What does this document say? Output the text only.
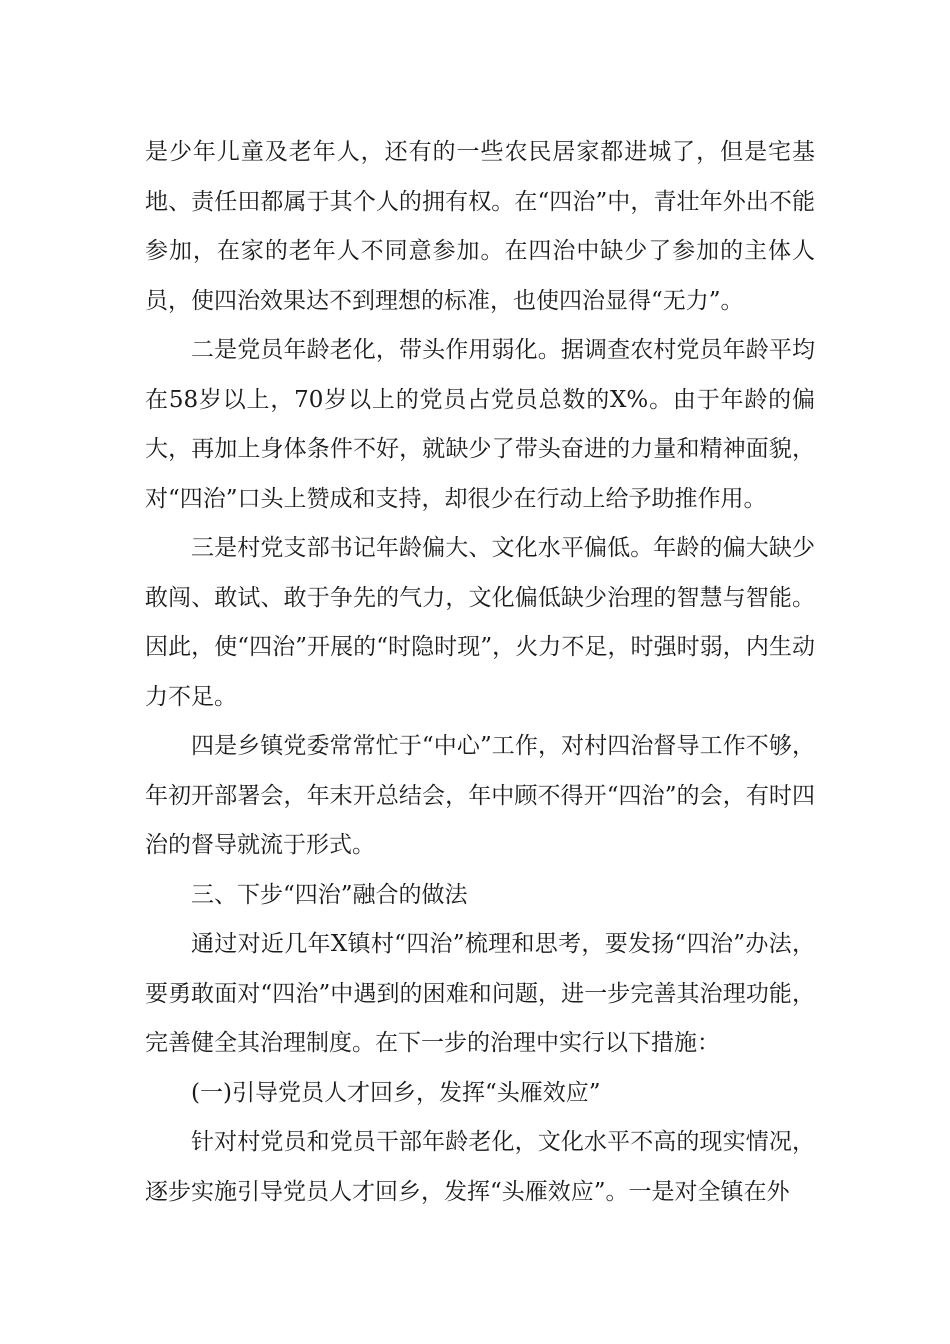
是少年儿童及老年人，还有的一些农民居家都进城了，但是宅基地、责任田都属于其个人的拥有权。在“四治”中，青壮年外出不能参加，在家的老年人不同意参加。在四治中缺少了参加的主体人员，使四治效果达不到理想的标准，也使四治显得“无力”。

二是党员年龄老化，带头作用弱化。据调查农村党员年龄平均在58岁以上，70岁以上的党员占党员总数的X%。由于年龄的偏大，再加上身体条件不好，就缺少了带头奋进的力量和精神面貌，对“四治”口头上赞成和支持，却很少在行动上给予助推作用。

三是村党支部书记年龄偏大、文化水平偏低。年龄的偏大缺少敢闯、敢试、敢于争先的气力，文化偏低缺少治理的智慧与智能。因此，使“四治”开展的“时隐时现”，火力不足，时强时弱，内生动力不足。

四是乡镇党委常常忙于“中心”工作，对村四治督导工作不够，年初开部署会，年末开总结会，年中顾不得开“四治”的会，有时四治的督导就流于形式。

三、下步“四治”融合的做法

通过对近几年X镇村“四治”梳理和思考，要发扬“四治”办法，要勇敢面对“四治”中遇到的困难和问题，进一步完善其治理功能，完善健全其治理制度。在下一步的治理中实行以下措施：

(一)引导党员人才回乡，发挥“头雁效应”

针对村党员和党员干部年龄老化，文化水平不高的现实情况，逐步实施引导党员人才回乡，发挥“头雁效应”。一是对全镇在外
